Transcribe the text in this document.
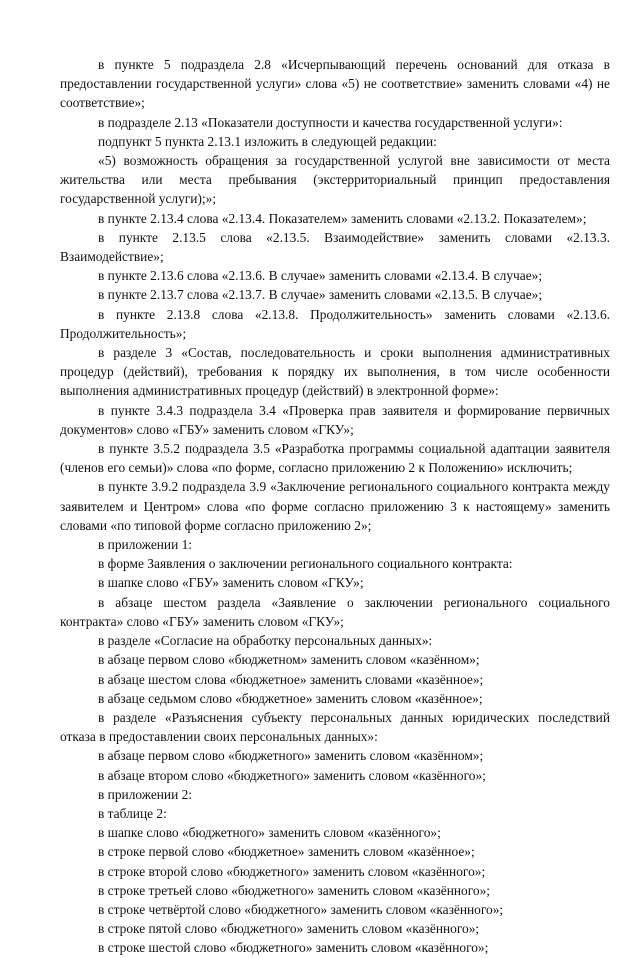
в пункте 5 подраздела 2.8 «Исчерпывающий перечень оснований для отказа в предоставлении государственной услуги» слова «5) не соответствие» заменить словами «4) не соответствие»;

в подразделе 2.13 «Показатели доступности и качества государственной услуги»:

подпункт 5 пункта 2.13.1 изложить в следующей редакции:

«5) возможность обращения за государственной услугой вне зависимости от места жительства или места пребывания (экстерриториальный принцип предоставления государственной услуги);»;

в пункте 2.13.4 слова «2.13.4. Показателем» заменить словами «2.13.2. Показателем»;

в пункте 2.13.5 слова «2.13.5. Взаимодействие» заменить словами «2.13.3. Взаимодействие»;

в пункте 2.13.6 слова «2.13.6. В случае» заменить словами «2.13.4. В случае»;

в пункте 2.13.7 слова «2.13.7. В случае» заменить словами «2.13.5. В случае»;

в пункте 2.13.8 слова «2.13.8. Продолжительность» заменить словами «2.13.6. Продолжительность»;

в разделе 3 «Состав, последовательность и сроки выполнения административных процедур (действий), требования к порядку их выполнения, в том числе особенности выполнения административных процедур (действий) в электронной форме»:

в пункте 3.4.3 подраздела 3.4 «Проверка прав заявителя и формирование первичных документов» слово «ГБУ» заменить словом «ГКУ»;

в пункте 3.5.2 подраздела 3.5 «Разработка программы социальной адаптации заявителя (членов его семьи)» слова «по форме, согласно приложению 2 к Положению» исключить;

в пункте 3.9.2 подраздела 3.9 «Заключение регионального социального контракта между заявителем и Центром» слова «по форме согласно приложению 3 к настоящему» заменить словами «по типовой форме согласно приложению 2»;

в приложении 1:

в форме Заявления о заключении регионального социального контракта:

в шапке слово «ГБУ» заменить словом «ГКУ»;

в абзаце шестом раздела «Заявление о заключении регионального социального контракта» слово «ГБУ» заменить словом «ГКУ»;

в разделе «Согласие на обработку персональных данных»:

в абзаце первом слово «бюджетном» заменить словом «казённом»;

в абзаце шестом слова «бюджетное» заменить словами «казённое»;

в абзаце седьмом слово «бюджетное» заменить словом «казённое»;

в разделе «Разъяснения субъекту персональных данных юридических последствий отказа в предоставлении своих персональных данных»:

в абзаце первом слово «бюджетного» заменить словом «казённом»;

в абзаце втором слово «бюджетного» заменить словом «казённого»;

в приложении 2:

в таблице 2:

в шапке слово «бюджетного» заменить словом «казённого»;

в строке первой слово «бюджетное» заменить словом «казённое»;

в строке второй слово «бюджетного» заменить словом «казённого»;

в строке третьей слово «бюджетного» заменить словом «казённого»;

в строке четвёртой слово «бюджетного» заменить словом «казённого»;

в строке пятой слово «бюджетного» заменить словом «казённого»;

в строке шестой слово «бюджетного» заменить словом «казённого»;
